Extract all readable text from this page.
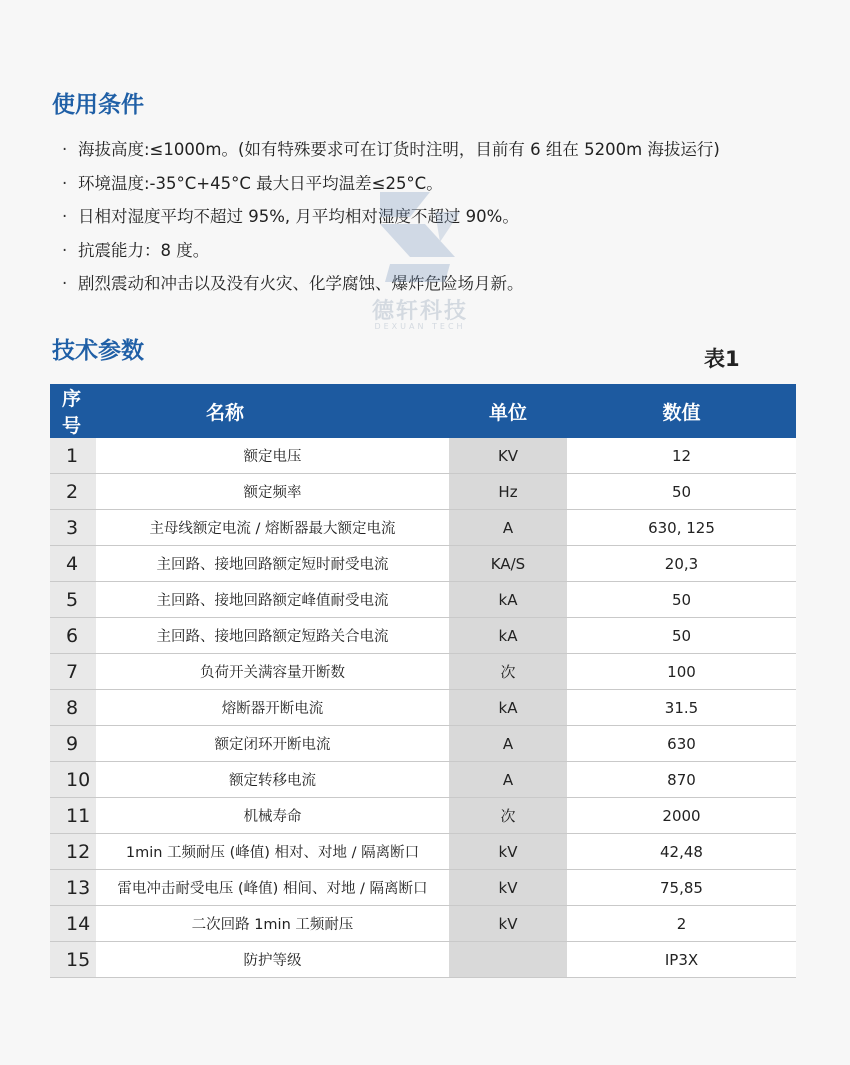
使用条件
· 海拔高度:≤1000m。(如有特殊要求可在订货时注明，目前有 6 组在 5200m 海拔运行)
· 环境温度:-35°C+45°C 最大日平均温差≤25°C。
· 日相对湿度平均不超过 95%, 月平均相对湿度不超过 90%。
· 抗震能力：8 度。
· 剧烈震动和冲击以及没有火灾、化学腐蚀、爆炸危险场月新。
德轩科技
DEXUAN TECH
技术参数	表1
序号	名称	单位	数值
1	额定电压	KV	12
2	额定频率	Hz	50
3	主母线额定电流 / 熔断器最大额定电流	A	630, 125
4	主回路、接地回路额定短时耐受电流	KA/S	20,3
5	主回路、接地回路额定峰值耐受电流	kA	50
6	主回路、接地回路额定短路关合电流	kA	50
7	负荷开关满容量开断数	次	100
8	熔断器开断电流	kA	31.5
9	额定闭环开断电流	A	630
10	额定转移电流	A	870
11	机械寿命	次	2000
12	1min 工频耐压 (峰值) 相对、对地 / 隔离断口	kV	42,48
13	雷电冲击耐受电压 (峰值) 相间、对地 / 隔离断口	kV	75,85
14	二次回路 1min 工频耐压	kV	2
15	防护等级		IP3X
